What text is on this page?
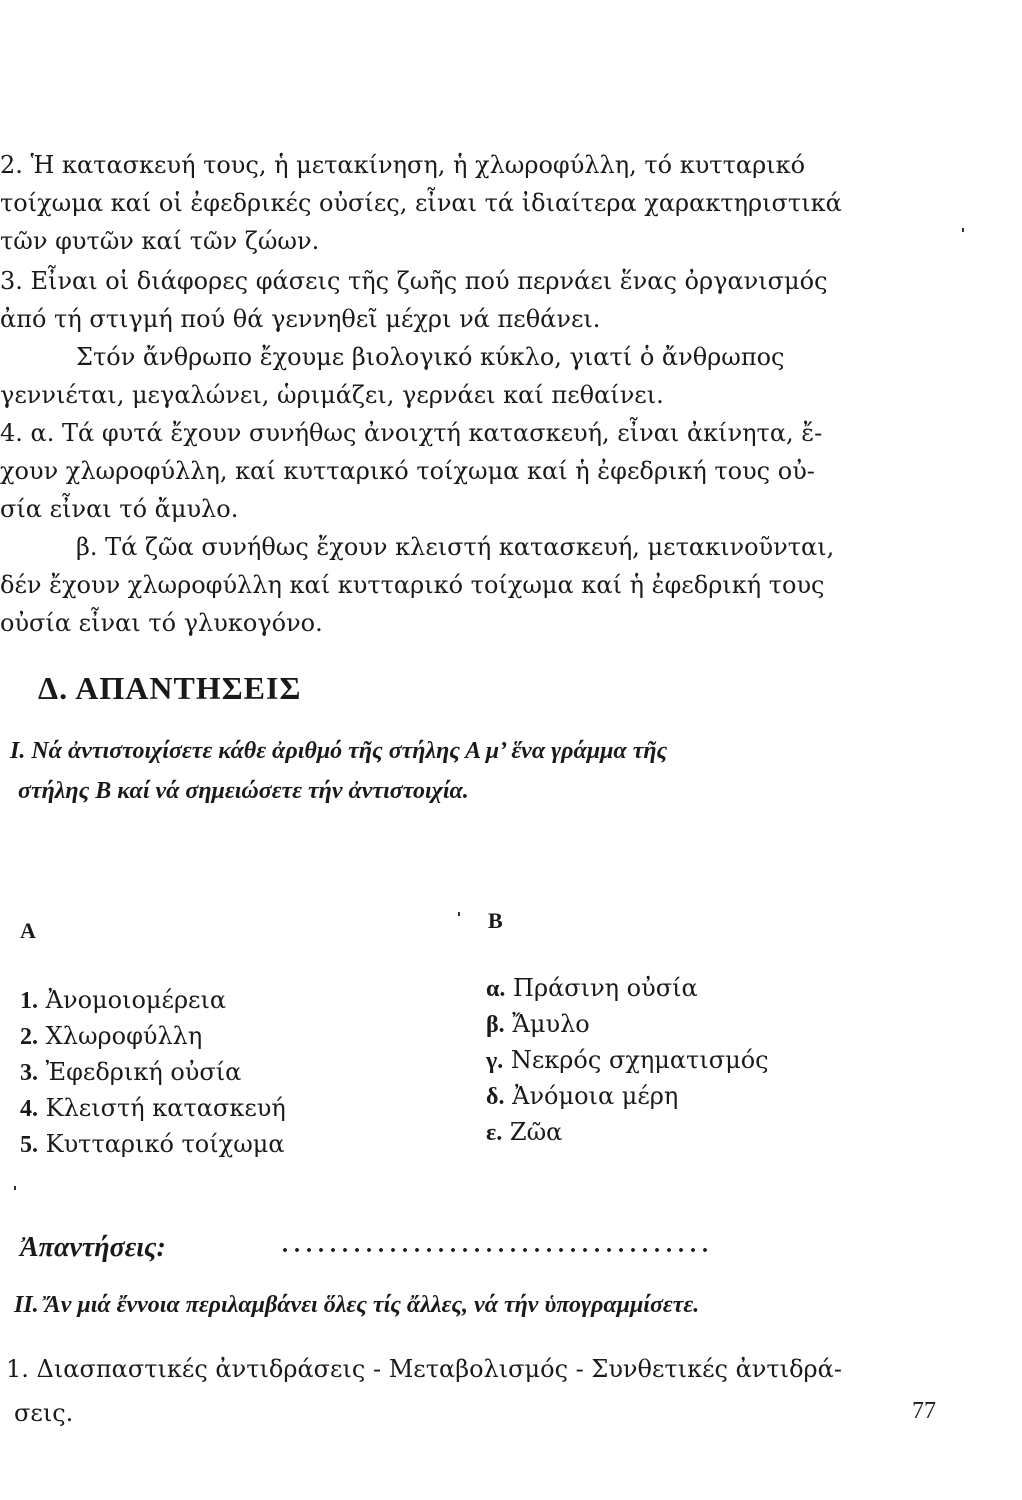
2. Ἡ κατασκευή τους, ἡ μετακίνηση, ἡ χλωροφύλλη, τό κυτταρικό
τοίχωμα καί οἱ ἐφεδρικές οὐσίες, εἶναι τά ἰδιαίτερα χαρακτηριστικά
τῶν φυτῶν καί τῶν ζώων.
3. Εἶναι οἱ διάφορες φάσεις τῆς ζωῆς πού περνάει ἕνας ὀργανισμός
ἀπό τή στιγμή πού θά γεννηθεῖ μέχρι νά πεθάνει.
Στόν ἄνθρωπο ἔχουμε βιολογικό κύκλο, γιατί ὁ ἄνθρωπος
γεννιέται, μεγαλώνει, ὡριμάζει, γερνάει καί πεθαίνει.
4. α. Τά φυτά ἔχουν συνήθως ἀνοιχτή κατασκευή, εἶναι ἀκίνητα, ἔ-
χουν χλωροφύλλη, καί κυτταρικό τοίχωμα καί ἡ ἐφεδρική τους οὐ-
σία εἶναι τό ἄμυλο.
β. Τά ζῶα συνήθως ἔχουν κλειστή κατασκευή, μετακινοῦνται,
δέν ἔχουν χλωροφύλλη καί κυτταρικό τοίχωμα καί ἡ ἐφεδρική τους
οὐσία εἶναι τό γλυκογόνο.
Δ. ΑΠΑΝΤΗΣΕΙΣ
Ι. Νά ἀντιστοιχίσετε κάθε ἀριθμό τῆς στήλης Α μ’ ἕνα γράμμα τῆς
στήλης Β καί νά σημειώσετε τήν ἀντιστοιχία.
Α
1. Ἀνομοιομέρεια
2. Χλωροφύλλη
3. Ἐφεδρική οὐσία
4. Κλειστή κατασκευή
5. Κυτταρικό τοίχωμα
Β
α. Πράσινη οὐσία
β. Ἄμυλο
γ. Νεκρός σχηματισμός
δ. Ἀνόμοια μέρη
ε. Ζῶα
Ἀπαντήσεις:	....................................
ΙΙ. Ἄν μιά ἔννοια περιλαμβάνει ὅλες τίς ἄλλες, νά τήν ὑπογραμμίσετε.
1. Διασπαστικές ἀντιδράσεις - Μεταβολισμός - Συνθετικές ἀντιδρά-
σεις.	77
